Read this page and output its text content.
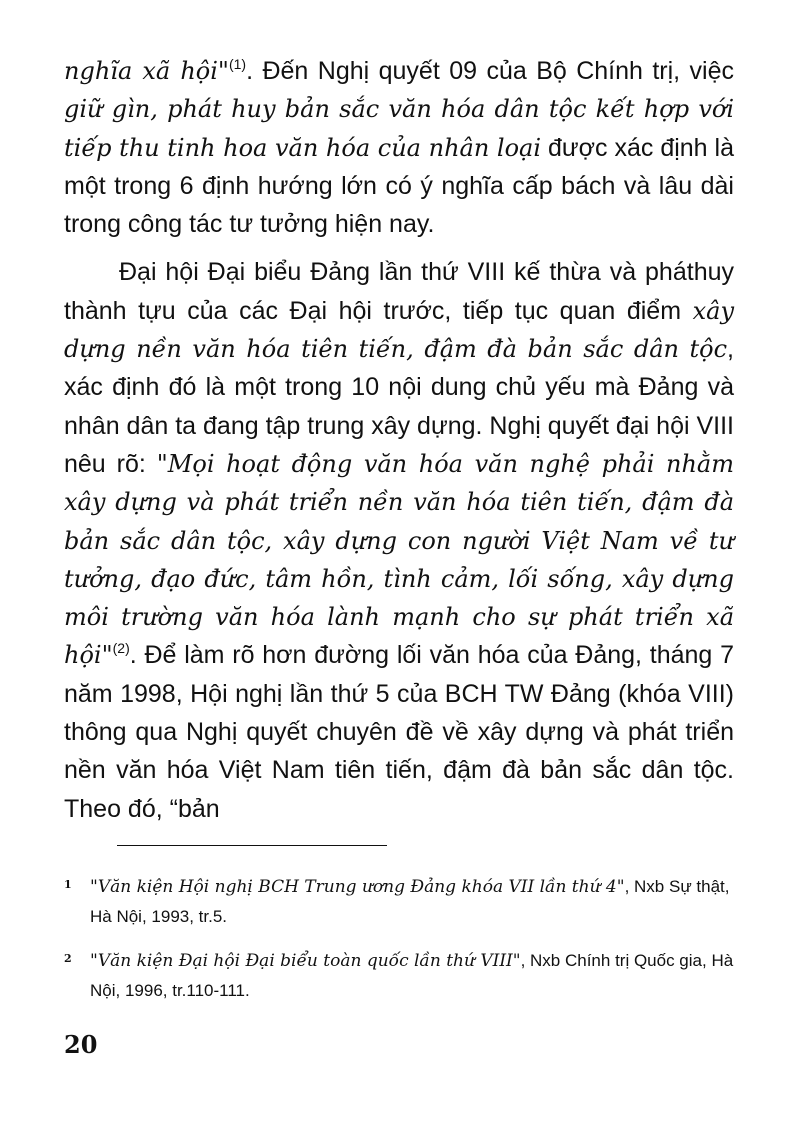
nghĩa xã hội"$^{(1)}$. Đến Nghị quyết 09 của Bộ Chính trị, việc giữ gìn, phát huy bản sắc văn hóa dân tộc kết hợp với tiếp thu tinh hoa văn hóa của nhân loại được xác định là một trong 6 định hướng lớn có ý nghĩa cấp bách và lâu dài trong công tác tư tưởng hiện nay.

Đại hội Đại biểu Đảng lần thứ VIII kế thừa và pháthuy thành tựu của các Đại hội trước, tiếp tục quan điểm xây dựng nền văn hóa tiên tiến, đậm đà bản sắc dân tộc, xác định đó là một trong 10 nội dung chủ yếu mà Đảng và nhân dân ta đang tập trung xây dựng. Nghị quyết đại hội VIII nêu rõ: "Mọi hoạt động văn hóa văn nghệ phải nhằm xây dựng và phát triển nền văn hóa tiên tiến, đậm đà bản sắc dân tộc, xây dựng con người Việt Nam về tư tưởng, đạo đức, tâm hồn, tình cảm, lối sống, xây dựng môi trường văn hóa lành mạnh cho sự phát triển xã hội"$^{(2)}$. Để làm rõ hơn đường lối văn hóa của Đảng, tháng 7 năm 1998, Hội nghị lần thứ 5 của BCH TW Đảng (khóa VIII) thông qua Nghị quyết chuyên đề về xây dựng và phát triển nền văn hóa Việt Nam tiên tiến, đậm đà bản sắc dân tộc. Theo đó, “bản

1 "Văn kiện Hội nghị BCH Trung ương Đảng khóa VII lần thứ 4", Nxb Sự thật, Hà Nội, 1993, tr.5.

2 "Văn kiện Đại hội Đại biểu toàn quốc lần thứ VIII", Nxb Chính trị Quốc gia, Hà Nội, 1996, tr.110-111.

20
